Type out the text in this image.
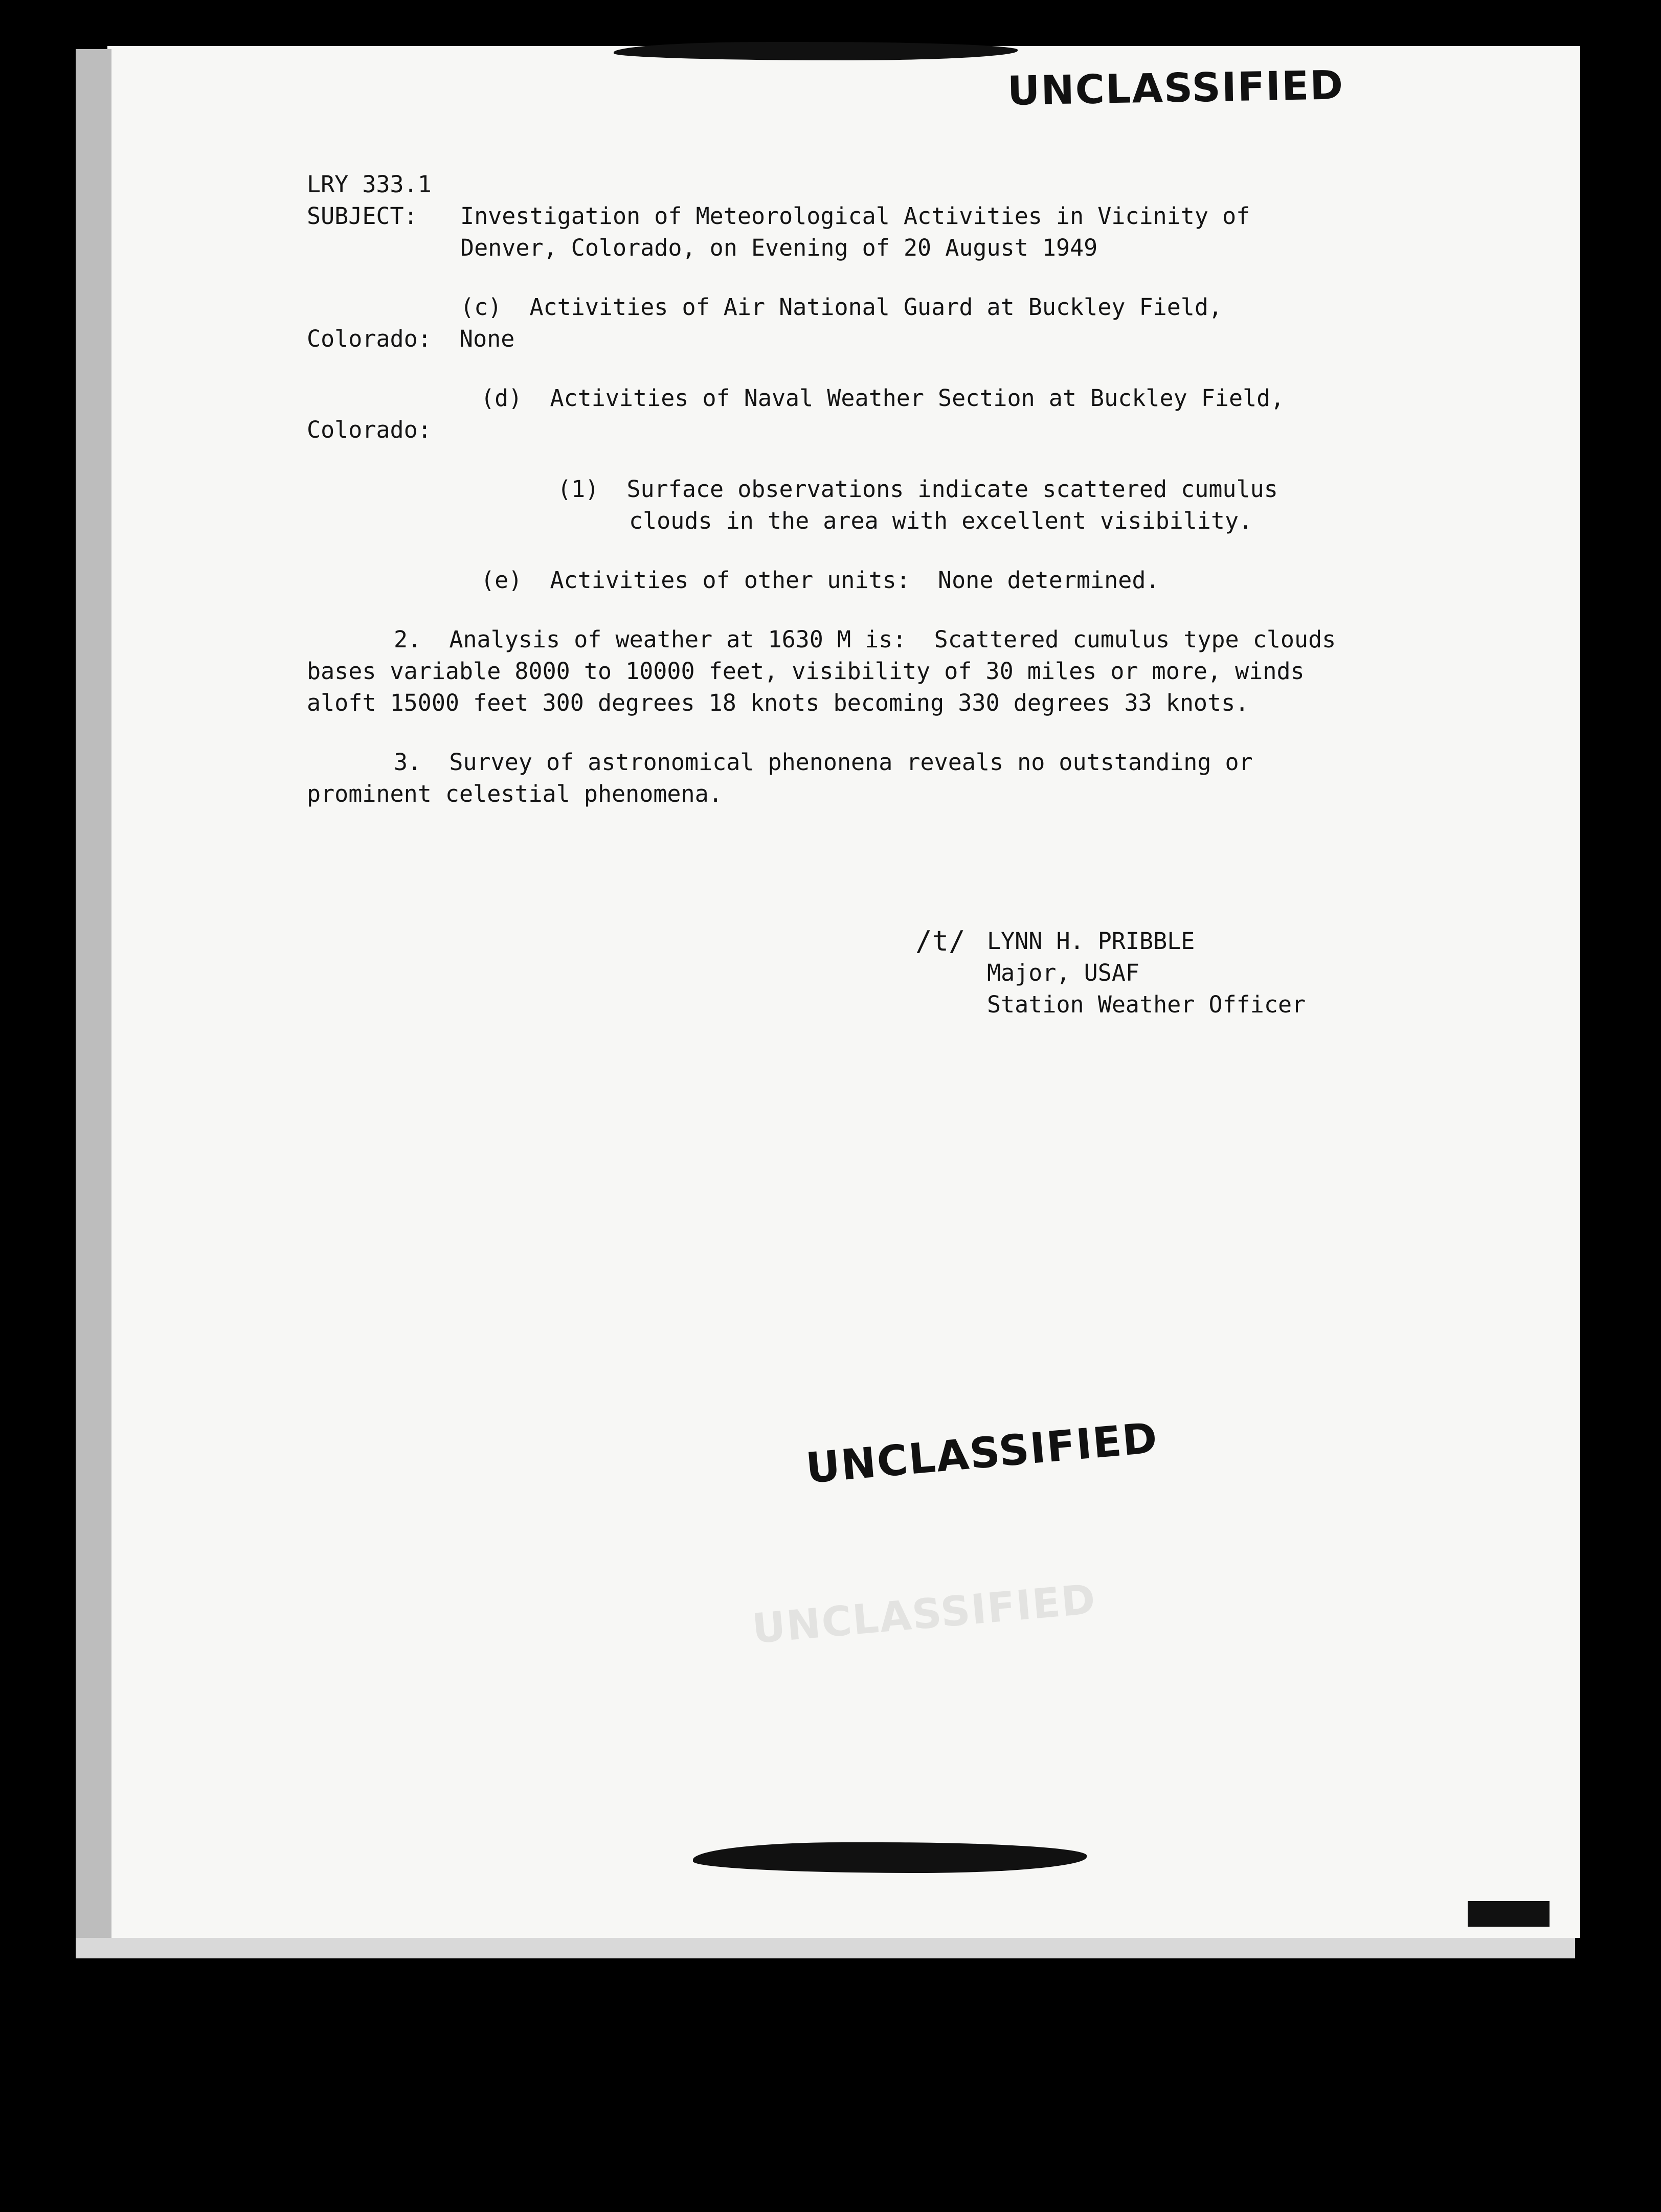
UNCLASSIFIED
UNCLASSIFIED
UNCLASSIFIED

LRY 333.1

SUBJECT:

Investigation of Meteorological Activities in Vicinity of

Denver, Colorado, on Evening of 20 August 1949

(c)  Activities of Air National Guard at Buckley Field,

Colorado:  None

(d)  Activities of Naval Weather Section at Buckley Field,

Colorado:

(1)  Surface observations indicate scattered cumulus

clouds in the area with excellent visibility.

(e)  Activities of other units:  None determined.

2.  Analysis of weather at 1630 M is:  Scattered cumulus type clouds

bases variable 8000 to 10000 feet, visibility of 30 miles or more, winds

aloft 15000 feet 300 degrees 18 knots becoming 330 degrees 33 knots.

3.  Survey of astronomical phenonena reveals no outstanding or

prominent celestial phenomena.

/t/

LYNN H. PRIBBLE

Major, USAF

Station Weather Officer
